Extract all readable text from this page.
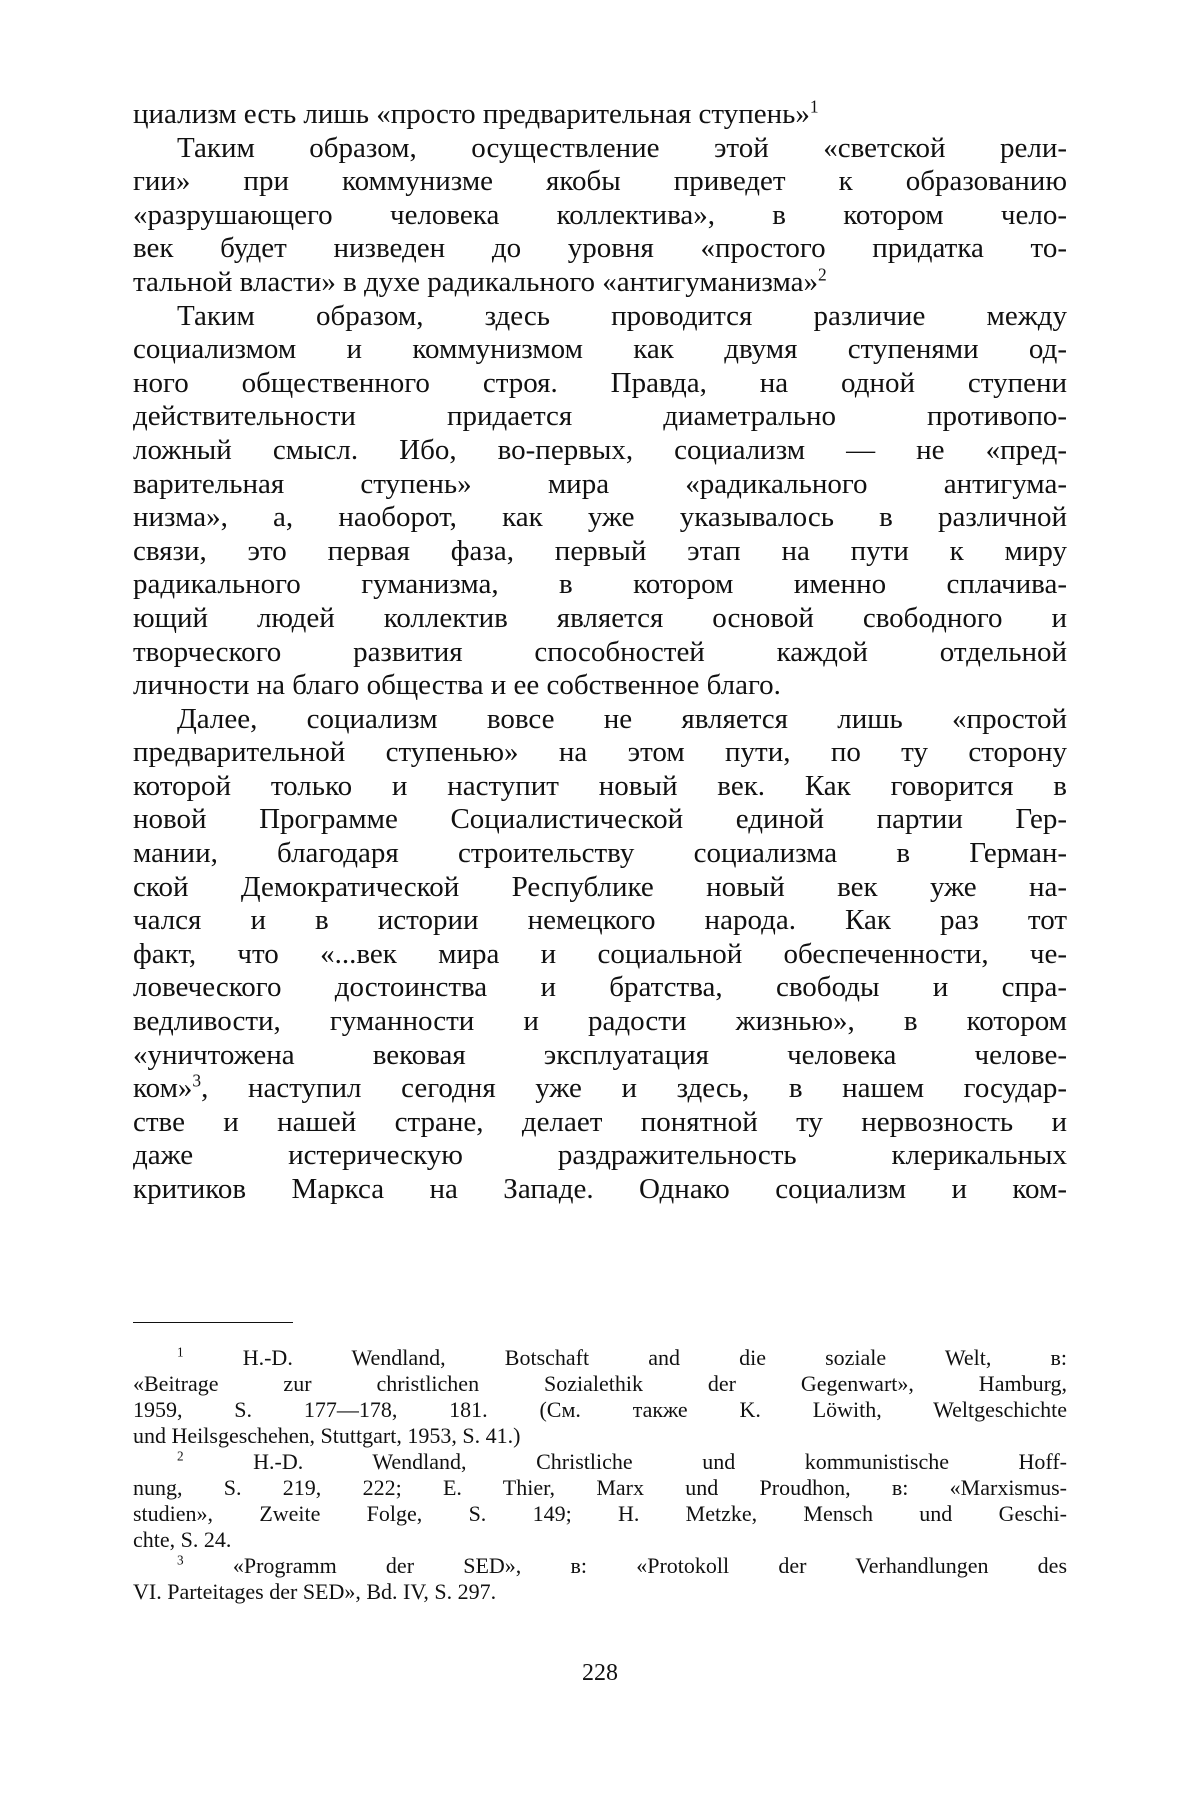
циализм есть лишь «просто предварительная ступень»$^1$
Таким образом, осуществление этой «светской рели-
гии» при коммунизме якобы приведет к образованию
«разрушающего человека коллектива», в котором чело-
век будет низведен до уровня «простого придатка то-
тальной власти» в духе радикального «антигуманизма»$^2$
Таким образом, здесь проводится различие между
социализмом и коммунизмом как двумя ступенями од-
ного общественного строя. Правда, на одной ступени
действительности придается диаметрально противопо-
ложный смысл. Ибо, во-первых, социализм — не «пред-
варительная ступень» мира «радикального антигума-
низма», а, наоборот, как уже указывалось в различной
связи, это первая фаза, первый этап на пути к миру
радикального гуманизма, в котором именно сплачива-
ющий людей коллектив является основой свободного и
творческого развития способностей каждой отдельной
личности на благо общества и ее собственное благо.
Далее, социализм вовсе не является лишь «простой
предварительной ступенью» на этом пути, по ту сторону
которой только и наступит новый век. Как говорится в
новой Программе Социалистической единой партии Гер-
мании, благодаря строительству социализма в Герман-
ской Демократической Республике новый век уже на-
чался и в истории немецкого народа. Как раз тот
факт, что «...век мира и социальной обеспеченности, че-
ловеческого достоинства и братства, свободы и спра-
ведливости, гуманности и радости жизнью», в котором
«уничтожена вековая эксплуатация человека челове-
ком»$^3$, наступил сегодня уже и здесь, в нашем государ-
стве и нашей стране, делает понятной ту нервозность и
даже истерическую раздражительность клерикальных
критиков Маркса на Западе. Однако социализм и ком-
$^1$	H.-D. Wendland, Botschaft and die soziale Welt, в:
«Beitrage zur christlichen Sozialethik der Gegenwart», Hamburg,
1959, S. 177—178, 181. (См. также K. Löwith, Weltgeschichte
und Heilsgeschehen, Stuttgart, 1953, S. 41.)
$^2$	H.-D. Wendland, Christliche und kommunistische Hoff-
nung, S. 219, 222; E. Thier, Marx und Proudhon, в: «Marxismus-
studien», Zweite Folge, S. 149; H. Metzke, Mensch und Geschi-
chte, S. 24.
$^3$ «Programm der SED», в: «Protokoll der Verhandlungen des
VI. Parteitages der SED», Bd. IV, S. 297.
228
